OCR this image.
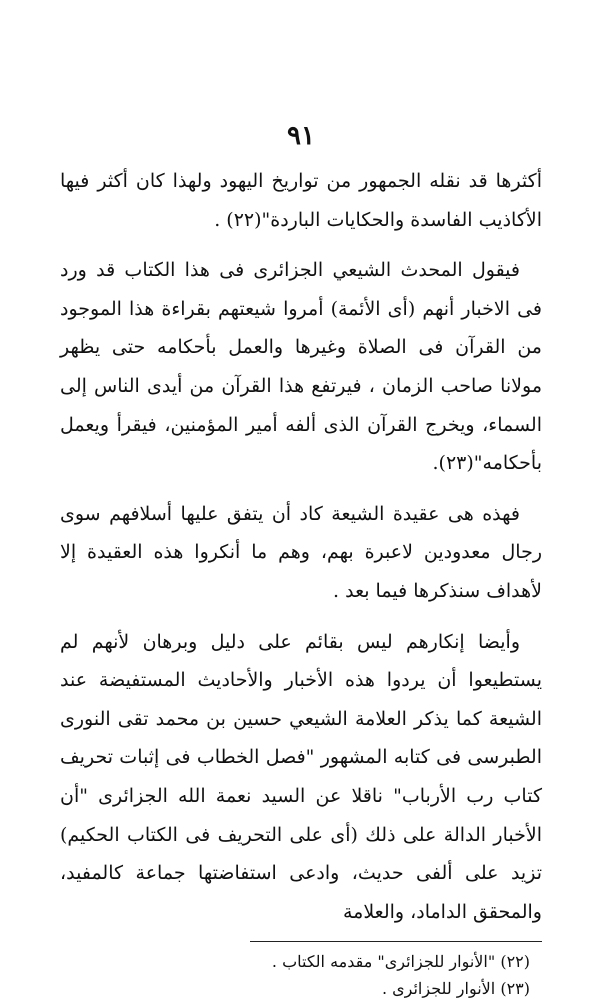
٩١

أكثرها قد نقله الجمهور من تواريخ اليهود ولهذا كان أكثر فيها الأكاذيب الفاسدة والحكايات الباردة"(٢٢) .

فيقول المحدث الشيعي الجزائرى فى هذا الكتاب قد ورد فى الاخبار أنهم (أى الأئمة) أمروا شيعتهم بقراءة هذا الموجود من القرآن فى الصلاة وغيرها والعمل بأحكامه حتى يظهر مولانا صاحب الزمان ، فيرتفع هذا القرآن من أيدى الناس إلى السماء، ويخرج القرآن الذى ألفه أمير المؤمنين، فيقرأ ويعمل بأحكامه"(٢٣).

فهذه هى عقيدة الشيعة كاد أن يتفق عليها أسلافهم سوى رجال معدودين لاعبرة بهم، وهم ما أنكروا هذه العقيدة إلا لأهداف سنذكرها فيما بعد .

وأيضا إنكارهم ليس بقائم على دليل وبرهان لأنهم لم يستطيعوا أن يردوا هذه الأخبار والأحاديث المستفيضة عند الشيعة كما يذكر العلامة الشيعي حسين بن محمد تقى النورى الطبرسى فى كتابه المشهور "فصل الخطاب فى إثبات تحريف كتاب رب الأرباب" ناقلا عن السيد نعمة الله الجزائرى "أن الأخبار الدالة على ذلك (أى على التحريف فى الكتاب الحكيم) تزيد على ألفى حديث، وادعى استفاضتها جماعة كالمفيد، والمحقق الداماد، والعلامة

(٢٢) "الأنوار للجزائرى" مقدمه الكتاب .
(٢٣) الأنوار للجزائرى .
